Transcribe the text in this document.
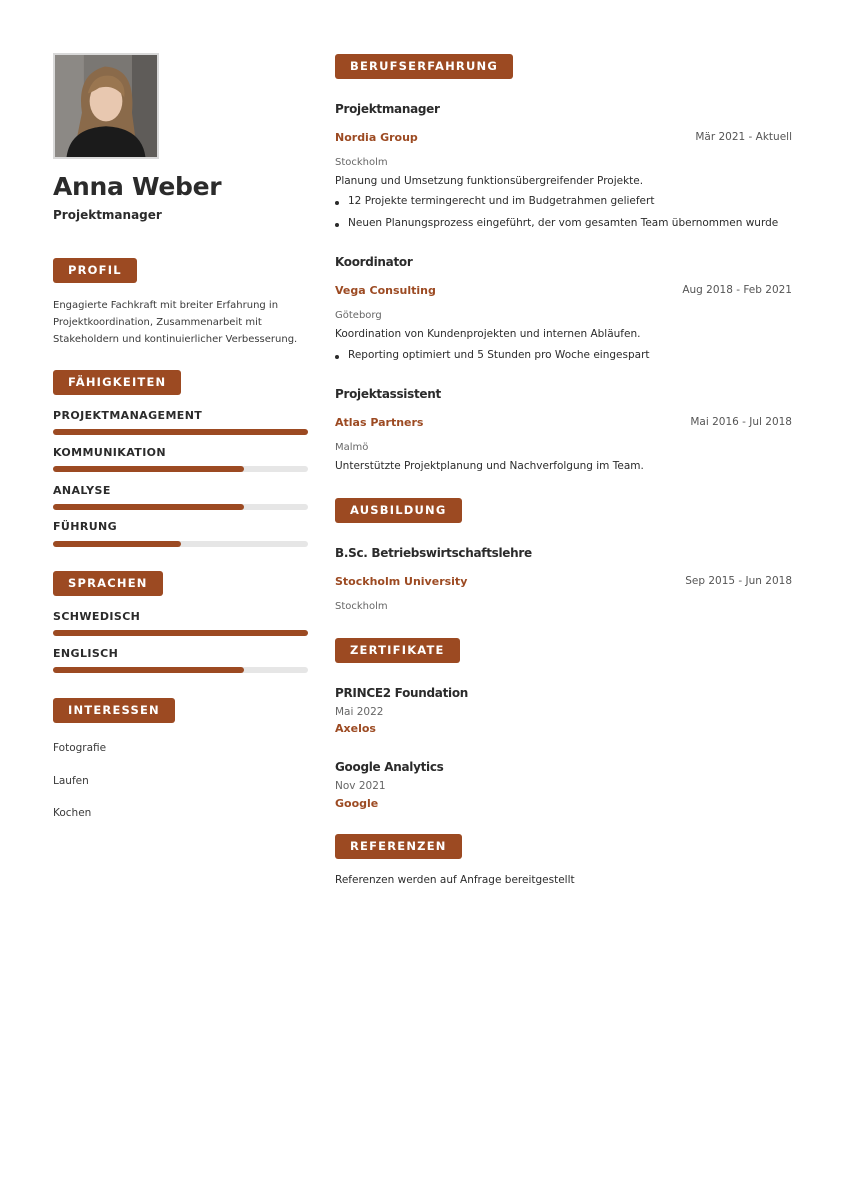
Anna Weber
Projektmanager
PROFIL
Engagierte Fachkraft mit breiter Erfahrung in Projektkoordination, Zusammenarbeit mit Stakeholdern und kontinuierlicher Verbesserung.
FÄHIGKEITEN
PROJEKTMANAGEMENT
KOMMUNIKATION
ANALYSE
FÜHRUNG
SPRACHEN
SCHWEDISCH
ENGLISCH
INTERESSEN
Fotografie
Laufen
Kochen
BERUFSERFAHRUNG
Projektmanager
Nordia Group	Mär 2021 - Aktuell
Stockholm
Planung und Umsetzung funktionsübergreifender Projekte.
12 Projekte termingerecht und im Budgetrahmen geliefert
Neuen Planungsprozess eingeführt, der vom gesamten Team übernommen wurde
Koordinator
Vega Consulting	Aug 2018 - Feb 2021
Göteborg
Koordination von Kundenprojekten und internen Abläufen.
Reporting optimiert und 5 Stunden pro Woche eingespart
Projektassistent
Atlas Partners	Mai 2016 - Jul 2018
Malmö
Unterstützte Projektplanung und Nachverfolgung im Team.
AUSBILDUNG
B.Sc. Betriebswirtschaftslehre
Stockholm University	Sep 2015 - Jun 2018
Stockholm
ZERTIFIKATE
PRINCE2 Foundation
Mai 2022
Axelos
Google Analytics
Nov 2021
Google
REFERENZEN
Referenzen werden auf Anfrage bereitgestellt
